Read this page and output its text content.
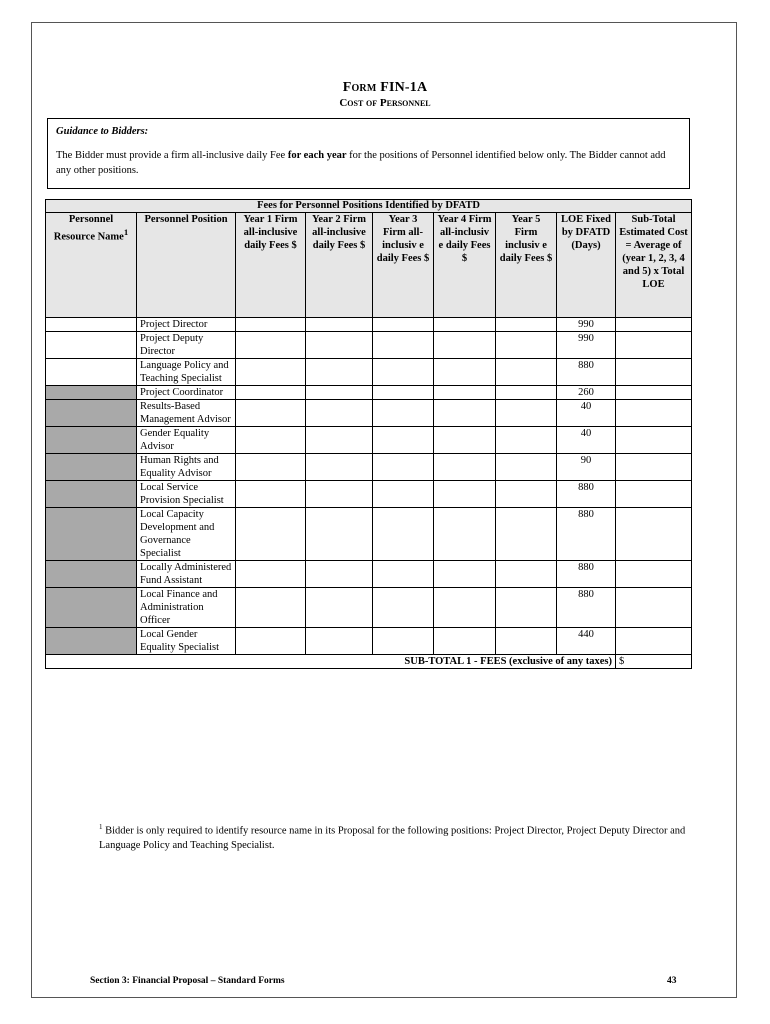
Form FIN-1A
Cost of Personnel
Guidance to Bidders:
The Bidder must provide a firm all-inclusive daily Fee for each year for the positions of Personnel identified below only. The Bidder cannot add any other positions.
Fees for Personnel Positions Identified by DFATD								
Personnel Resource Name$^1$	Personnel Position	Year 1 Firm all-inclusive daily Fees $	Year 2 Firm all-inclusive daily Fees $	Year 3 Firm all-inclusiv e daily Fees $	Year 4 Firm all-inclusiv e daily Fees $	Year 5 Firm inclusiv e daily Fees $	LOE Fixed by DFATD (Days)	Sub-Total Estimated Cost = Average of (year 1, 2, 3, 4 and 5) x Total LOE
	Project Director						990	
	Project Deputy Director						990	
	Language Policy and Teaching Specialist						880	
	Project Coordinator						260	
	Results-Based Management Advisor						40	
	Gender Equality Advisor						40	
	Human Rights and Equality Advisor						90	
	Local Service Provision Specialist						880	
	Local Capacity Development and Governance Specialist						880	
	Locally Administered Fund Assistant						880	
	Local Finance and Administration Officer						880	
	Local Gender Equality Specialist						440	
SUB-TOTAL 1 - FEES (exclusive of any taxes)								$
$^1$ Bidder is only required to identify resource name in its Proposal for the following positions: Project Director, Project Deputy Director and Language Policy and Teaching Specialist.
Section 3: Financial Proposal – Standard Forms	43
